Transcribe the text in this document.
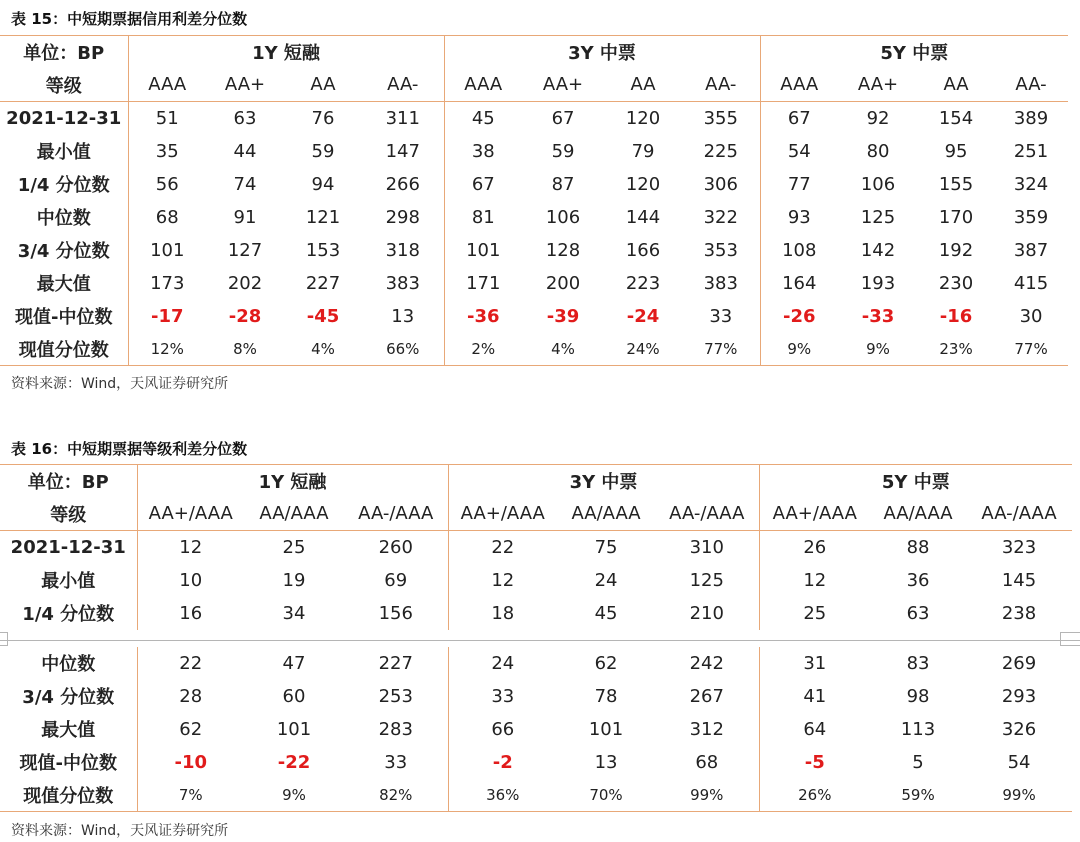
表 15：中短期票据信用利差分位数
单位：BP	1Y 短融				3Y 中票				5Y 中票			
等级	AAA	AA+	AA	AA-	AAA	AA+	AA	AA-	AAA	AA+	AA	AA-
2021-12-31	51	63	76	311	45	67	120	355	67	92	154	389
最小值	35	44	59	147	38	59	79	225	54	80	95	251
1/4 分位数	56	74	94	266	67	87	120	306	77	106	155	324
中位数	68	91	121	298	81	106	144	322	93	125	170	359
3/4 分位数	101	127	153	318	101	128	166	353	108	142	192	387
最大值	173	202	227	383	171	200	223	383	164	193	230	415
现值-中位数	-17	-28	-45	13	-36	-39	-24	33	-26	-33	-16	30
现值分位数	12%	8%	4%	66%	2%	4%	24%	77%	9%	9%	23%	77%
资料来源：Wind，天风证券研究所
表 16：中短期票据等级利差分位数
单位：BP	1Y 短融			3Y 中票			5Y 中票		
等级	AA+/AAA	AA/AAA	AA-/AAA	AA+/AAA	AA/AAA	AA-/AAA	AA+/AAA	AA/AAA	AA-/AAA
2021-12-31	12	25	260	22	75	310	26	88	323
最小值	10	19	69	12	24	125	12	36	145
1/4 分位数	16	34	156	18	45	210	25	63	238

中位数	22	47	227	24	62	242	31	83	269
3/4 分位数	28	60	253	33	78	267	41	98	293
最大值	62	101	283	66	101	312	64	113	326
现值-中位数	-10	-22	33	-2	13	68	-5	5	54
现值分位数	7%	9%	82%	36%	70%	99%	26%	59%	99%
资料来源：Wind，天风证券研究所
